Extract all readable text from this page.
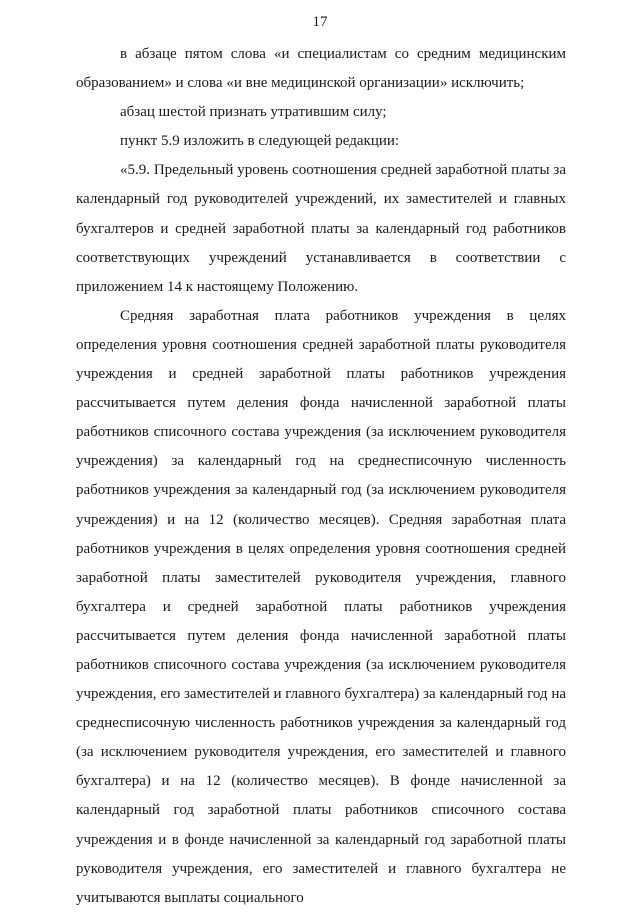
17

в абзаце пятом слова «и специалистам со средним медицинским образованием» и слова «и вне медицинской организации» исключить;

абзац шестой признать утратившим силу;

пункт 5.9 изложить в следующей редакции:

«5.9. Предельный уровень соотношения средней заработной платы за календарный год руководителей учреждений, их заместителей и главных бухгалтеров и средней заработной платы за календарный год работников соответствующих учреждений устанавливается в соответствии с приложением 14 к настоящему Положению.

Средняя заработная плата работников учреждения в целях определения уровня соотношения средней заработной платы руководителя учреждения и средней заработной платы работников учреждения рассчитывается путем деления фонда начисленной заработной платы работников списочного состава учреждения (за исключением руководителя учреждения) за календарный год на среднесписочную численность работников учреждения за календарный год (за исключением руководителя учреждения) и на 12 (количество месяцев). Средняя заработная плата работников учреждения в целях определения уровня соотношения средней заработной платы заместителей руководителя учреждения, главного бухгалтера и средней заработной платы работников учреждения рассчитывается путем деления фонда начисленной заработной платы работников списочного состава учреждения (за исключением руководителя учреждения, его заместителей и главного бухгалтера) за календарный год на среднесписочную численность работников учреждения за календарный год (за исключением руководителя учреждения, его заместителей и главного бухгалтера) и на 12 (количество месяцев). В фонде начисленной за календарный год заработной платы работников списочного состава учреждения и в фонде начисленной за календарный год заработной платы руководителя учреждения, его заместителей и главного бухгалтера не учитываются выплаты социального
